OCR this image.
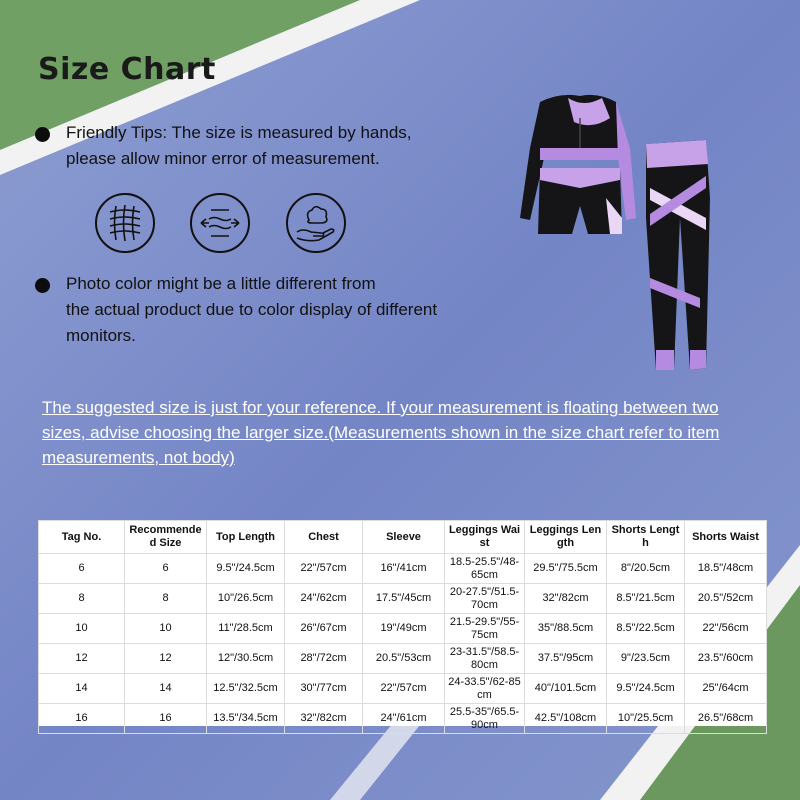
Size Chart
Friendly Tips: The size is measured by hands,
please allow minor error of measurement.
Photo color might be a little different from
the actual product due to color display of different
monitors.
The suggested size is just for your reference. If your measurement is floating between two sizes, advise choosing the larger size.(Measurements shown in the size chart refer to item measurements, not body)
Tag No.	Recommended Size	Top Length	Chest	Sleeve	Leggings Waist	Leggings Length	Shorts Length	Shorts Waist
6	6	9.5"/24.5cm	22"/57cm	16"/41cm	18.5-25.5"/48-65cm	29.5"/75.5cm	8"/20.5cm	18.5"/48cm
8	8	10"/26.5cm	24"/62cm	17.5"/45cm	20-27.5"/51.5-70cm	32"/82cm	8.5"/21.5cm	20.5"/52cm
10	10	11"/28.5cm	26"/67cm	19"/49cm	21.5-29.5"/55-75cm	35"/88.5cm	8.5"/22.5cm	22"/56cm
12	12	12"/30.5cm	28"/72cm	20.5"/53cm	23-31.5"/58.5-80cm	37.5"/95cm	9"/23.5cm	23.5"/60cm
14	14	12.5"/32.5cm	30"/77cm	22"/57cm	24-33.5"/62-85cm	40"/101.5cm	9.5"/24.5cm	25"/64cm
16	16	13.5"/34.5cm	32"/82cm	24"/61cm	25.5-35"/65.5-90cm	42.5"/108cm	10"/25.5cm	26.5"/68cm
